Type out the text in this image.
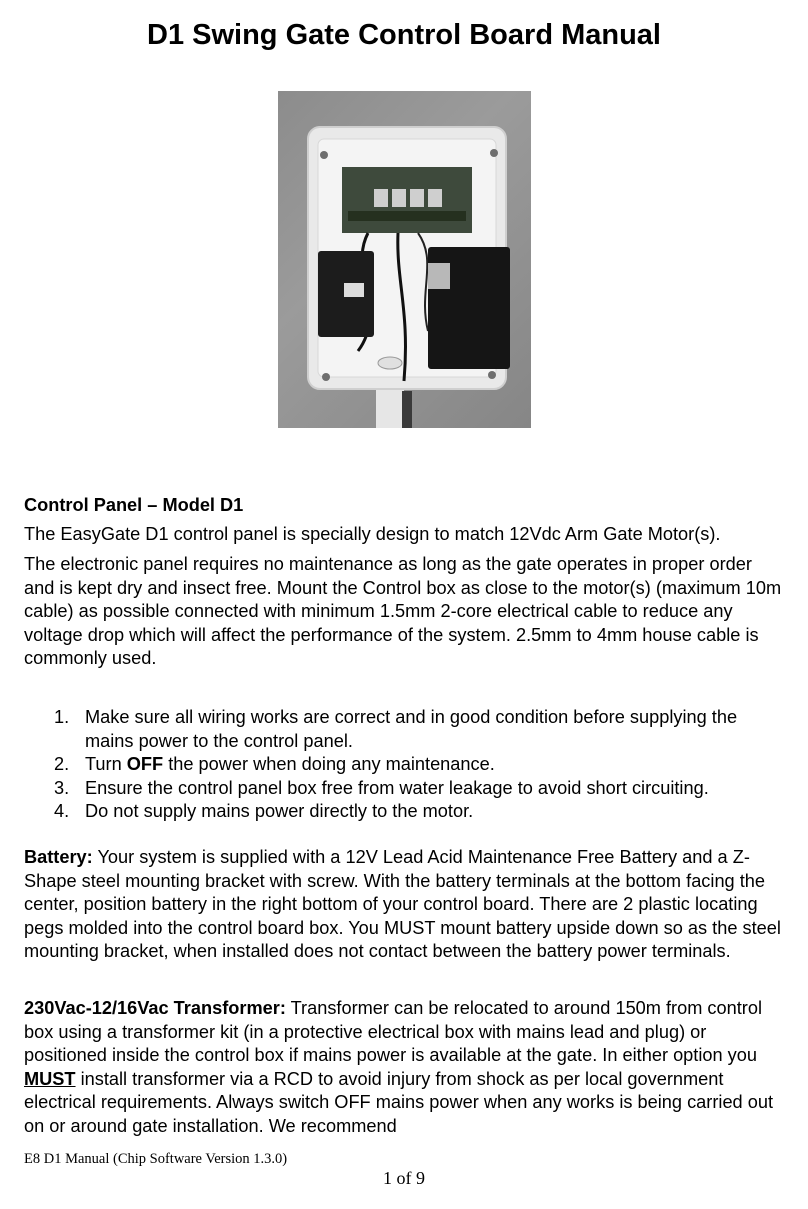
D1 Swing Gate Control Board Manual

Control Panel – Model D1

The EasyGate D1 control panel is specially design to match 12Vdc Arm Gate Motor(s).

The electronic panel requires no maintenance as long as the gate operates in proper order and is kept dry and insect free. Mount the Control box as close to the motor(s) (maximum 10m cable) as possible connected with minimum 1.5mm 2-core electrical cable to reduce any voltage drop which will affect the performance of the system. 2.5mm to 4mm house cable is commonly used.

1. Make sure all wiring works are correct and in good condition before supplying the mains power to the control panel.
2. Turn OFF the power when doing any maintenance.
3. Ensure the control panel box free from water leakage to avoid short circuiting.
4. Do not supply mains power directly to the motor.

Battery: Your system is supplied with a 12V Lead Acid Maintenance Free Battery and a Z-Shape steel mounting bracket with screw. With the battery terminals at the bottom facing the center, position battery in the right bottom of your control board. There are 2 plastic locating pegs molded into the control board box. You MUST mount battery upside down so as the steel mounting bracket, when installed does not contact between the battery power terminals.

230Vac-12/16Vac Transformer: Transformer can be relocated to around 150m from control box using a transformer kit (in a protective electrical box with mains lead and plug) or positioned inside the control box if mains power is available at the gate. In either option you MUST install transformer via a RCD to avoid injury from shock as per local government electrical requirements. Always switch OFF mains power when any works is being carried out on or around gate installation. We recommend

E8 D1 Manual (Chip Software Version 1.3.0)
1 of 9
